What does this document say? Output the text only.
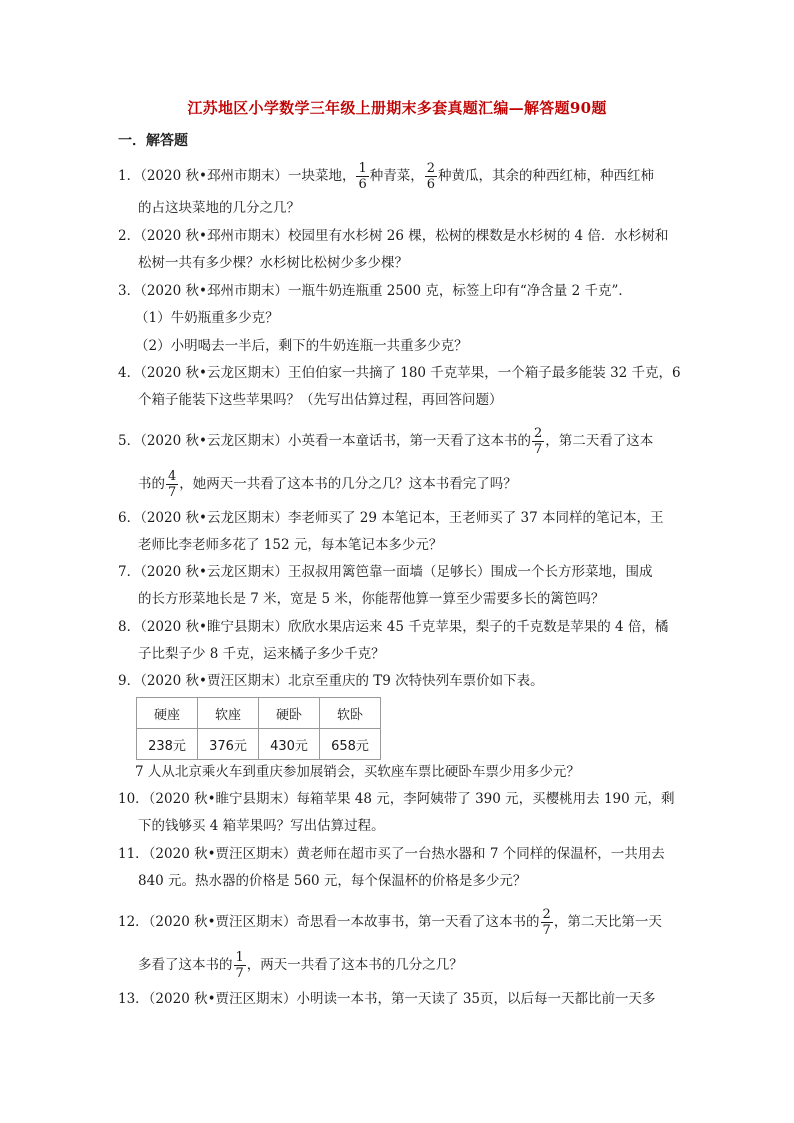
江苏地区小学数学三年级上册期末多套真题汇编—解答题90题
一．解答题
1．（2020 秋•邳州市期末）一块菜地， $\frac{1}{6}$ 种青菜， $\frac{2}{6}$ 种黄瓜，其余的种西红柿，种西红柿
的占这块菜地的几分之几？
2．（2020 秋•邳州市期末）校园里有水杉树 26 棵，松树的棵数是水杉树的 4 倍．水杉树和
松树一共有多少棵？水杉树比松树少多少棵？
3．（2020 秋•邳州市期末）一瓶牛奶连瓶重 2500 克，标签上印有“净含量 2 千克”．
（1）牛奶瓶重多少克？
（2）小明喝去一半后，剩下的牛奶连瓶一共重多少克？
4．（2020 秋•云龙区期末）王伯伯家一共摘了 180 千克苹果，一个箱子最多能装 32 千克，6
个箱子能装下这些苹果吗？（先写出估算过程，再回答问题）
5．（2020 秋•云龙区期末）小英看一本童话书，第一天看了这本书的 $\frac{2}{7}$ ，第二天看了这本
书的 $\frac{4}{7}$ ，她两天一共看了这本书的几分之几？这本书看完了吗？
6．（2020 秋•云龙区期末）李老师买了 29 本笔记本，王老师买了 37 本同样的笔记本，王
老师比李老师多花了 152 元，每本笔记本多少元？
7．（2020 秋•云龙区期末）王叔叔用篱笆靠一面墙（足够长）围成一个长方形菜地，围成
的长方形菜地长是 7 米，宽是 5 米，你能帮他算一算至少需要多长的篱笆吗？
8．（2020 秋•睢宁县期末）欣欣水果店运来 45 千克苹果，梨子的千克数是苹果的 4 倍，橘
子比梨子少 8 千克，运来橘子多少千克？
9．（2020 秋•贾汪区期末）北京至重庆的 T9 次特快列车票价如下表。
硬座	软座	硬卧	软卧
238元	376元	430元	658元
7 人从北京乘火车到重庆参加展销会，买软座车票比硬卧车票少用多少元？
10．（2020 秋•睢宁县期末）每箱苹果 48 元，李阿姨带了 390 元，买樱桃用去 190 元，剩
下的钱够买 4 箱苹果吗？写出估算过程。
11．（2020 秋•贾汪区期末）黄老师在超市买了一台热水器和 7 个同样的保温杯，一共用去
840 元。热水器的价格是 560 元，每个保温杯的价格是多少元？
12．（2020 秋•贾汪区期末）奇思看一本故事书，第一天看了这本书的 $\frac{2}{7}$ ，第二天比第一天
多看了这本书的 $\frac{1}{7}$ ，两天一共看了这本书的几分之几？
13．（2020 秋•贾汪区期末）小明读一本书，第一天读了 35页，以后每一天都比前一天多
